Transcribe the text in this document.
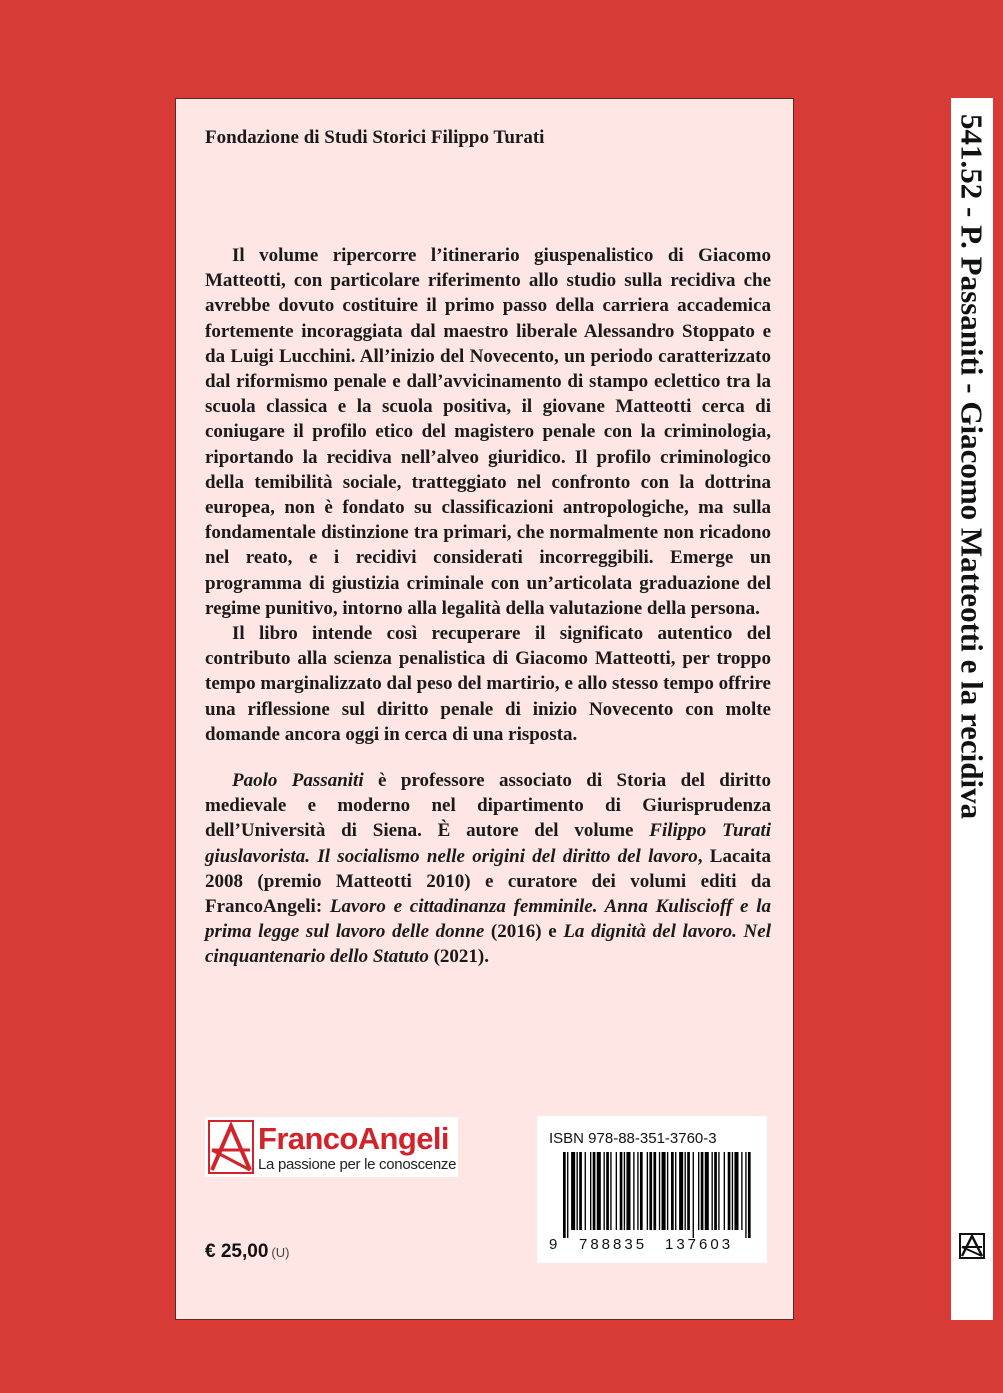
Fondazione di Studi Storici Filippo Turati

Il volume ripercorre l’itinerario giuspenalistico di Giacomo Matteotti, con particolare riferimento allo studio sulla recidiva che avrebbe dovuto costituire il primo passo della carriera accademica fortemente incoraggiata dal maestro liberale Alessandro Stoppato e da Luigi Lucchini. All’inizio del Novecento, un periodo caratterizzato dal riformismo penale e dall’avvicinamento di stampo eclettico tra la scuola classica e la scuola positiva, il giovane Matteotti cerca di coniugare il profilo etico del magistero penale con la criminologia, riportando la recidiva nell’alveo giuridico. Il profilo criminologico della temibilità sociale, tratteggiato nel confronto con la dottrina europea, non è fondato su classificazioni antropologiche, ma sulla fondamentale distinzione tra primari, che normalmente non ricadono nel reato, e i recidivi considerati incorreggibili. Emerge un programma di giustizia criminale con un’articolata graduazione del regime punitivo, intorno alla legalità della valutazione della persona.

Il libro intende così recuperare il significato autentico del contributo alla scienza penalistica di Giacomo Matteotti, per troppo tempo marginalizzato dal peso del martirio, e allo stesso tempo offrire una riflessione sul diritto penale di inizio Novecento con molte domande ancora oggi in cerca di una risposta.

Paolo Passaniti è professore associato di Storia del diritto medievale e moderno nel dipartimento di Giurisprudenza dell’Università di Siena. È autore del volume Filippo Turati giuslavorista. Il socialismo nelle origini del diritto del lavoro, Lacaita 2008 (premio Matteotti 2010) e curatore dei volumi editi da FrancoAngeli: Lavoro e cittadinanza femminile. Anna Kuliscioff e la prima legge sul lavoro delle donne (2016) e La dignità del lavoro. Nel cinquantenario dello Statuto (2021).

FrancoAngeli
La passione per le conoscenze
ISBN 978-88-351-3760-3
9 788835 137603
€ 25,00 (U)
541.52 - P. Passaniti - Giacomo Matteotti e la recidiva
